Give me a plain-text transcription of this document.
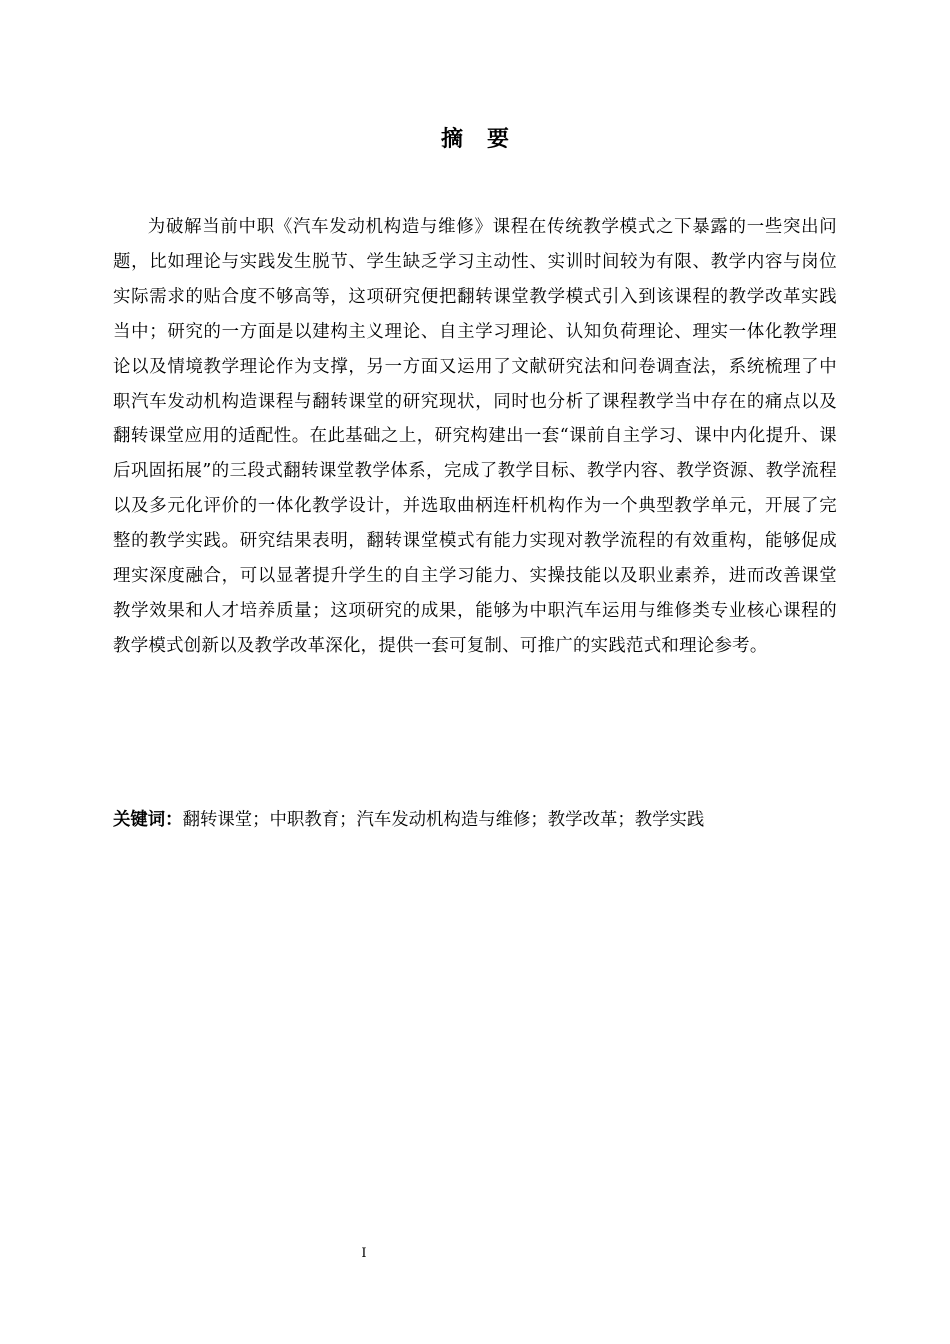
摘要

为破解当前中职《汽车发动机构造与维修》课程在传统教学模式之下暴露的一些突出问题，比如理论与实践发生脱节、学生缺乏学习主动性、实训时间较为有限、教学内容与岗位实际需求的贴合度不够高等，这项研究便把翻转课堂教学模式引入到该课程的教学改革实践当中；研究的一方面是以建构主义理论、自主学习理论、认知负荷理论、理实一体化教学理论以及情境教学理论作为支撑，另一方面又运用了文献研究法和问卷调查法，系统梳理了中职汽车发动机构造课程与翻转课堂的研究现状，同时也分析了课程教学当中存在的痛点以及翻转课堂应用的适配性。在此基础之上，研究构建出一套“课前自主学习、课中内化提升、课后巩固拓展”的三段式翻转课堂教学体系，完成了教学目标、教学内容、教学资源、教学流程以及多元化评价的一体化教学设计，并选取曲柄连杆机构作为一个典型教学单元，开展了完整的教学实践。研究结果表明，翻转课堂模式有能力实现对教学流程的有效重构，能够促成理实深度融合，可以显著提升学生的自主学习能力、实操技能以及职业素养，进而改善课堂教学效果和人才培养质量；这项研究的成果，能够为中职汽车运用与维修类专业核心课程的教学模式创新以及教学改革深化，提供一套可复制、可推广的实践范式和理论参考。

关键词：翻转课堂；中职教育；汽车发动机构造与维修；教学改革；教学实践
I
